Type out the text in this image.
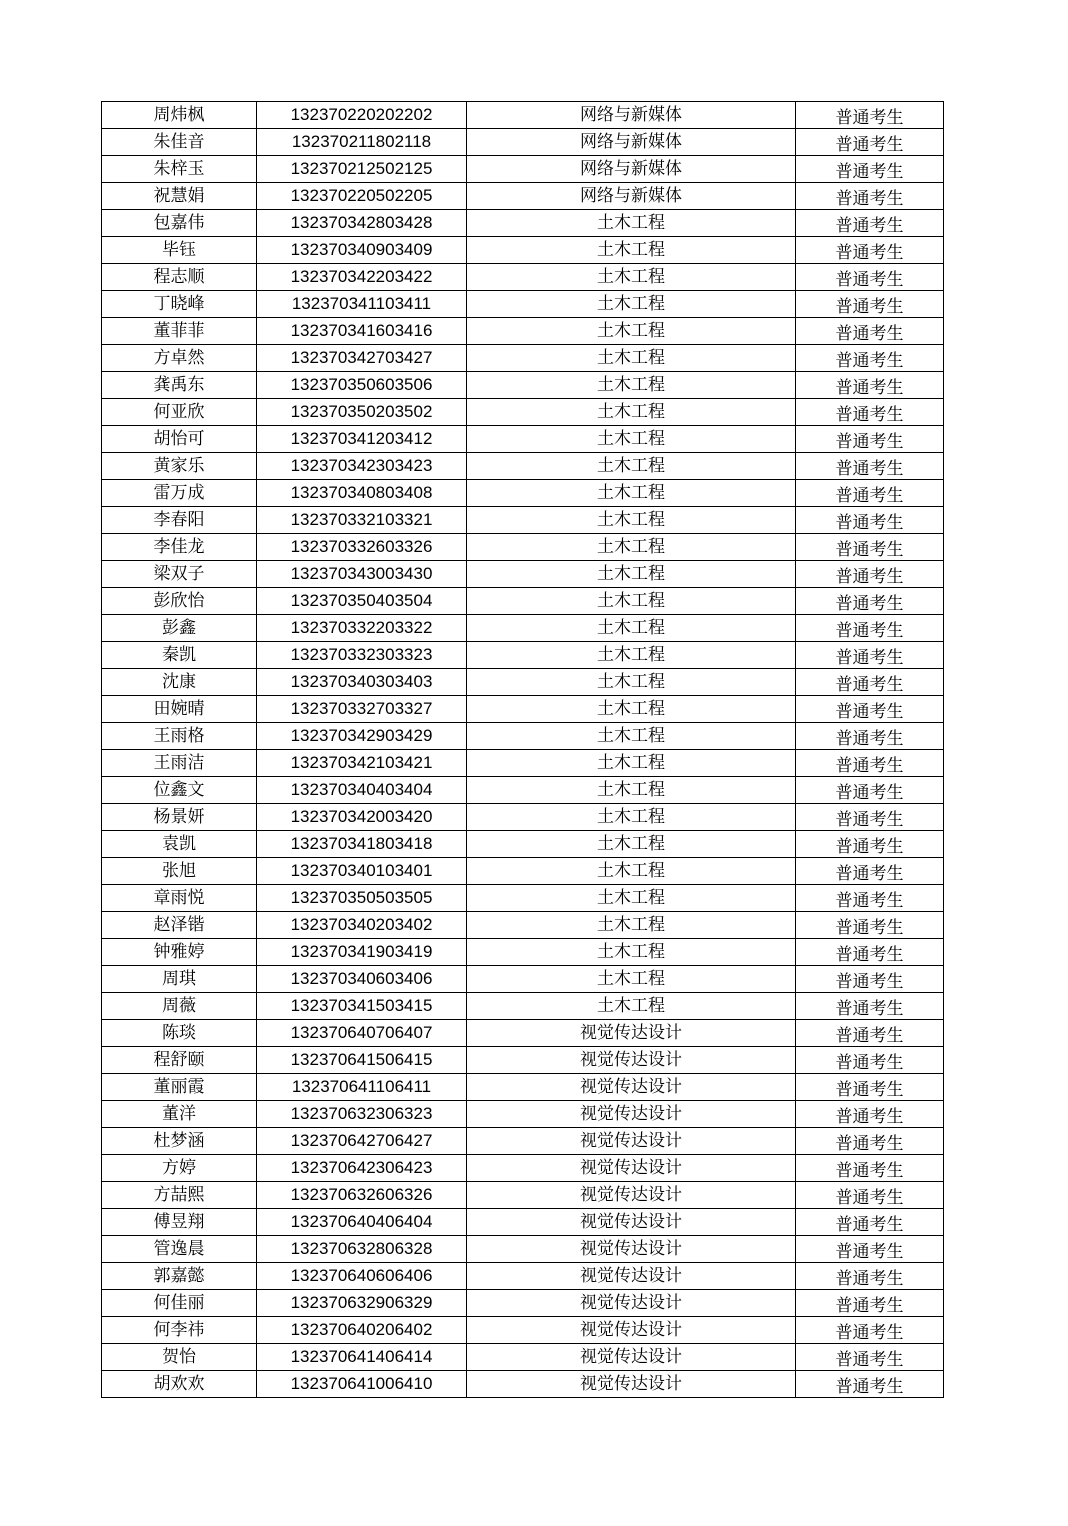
周炜枫	132370220202202	网络与新媒体	普通考生
朱佳音	132370211802118	网络与新媒体	普通考生
朱梓玉	132370212502125	网络与新媒体	普通考生
祝慧娟	132370220502205	网络与新媒体	普通考生
包嘉伟	132370342803428	土木工程	普通考生
毕钰	132370340903409	土木工程	普通考生
程志顺	132370342203422	土木工程	普通考生
丁晓峰	132370341103411	土木工程	普通考生
董菲菲	132370341603416	土木工程	普通考生
方卓然	132370342703427	土木工程	普通考生
龚禹东	132370350603506	土木工程	普通考生
何亚欣	132370350203502	土木工程	普通考生
胡怡可	132370341203412	土木工程	普通考生
黄家乐	132370342303423	土木工程	普通考生
雷万成	132370340803408	土木工程	普通考生
李春阳	132370332103321	土木工程	普通考生
李佳龙	132370332603326	土木工程	普通考生
梁双子	132370343003430	土木工程	普通考生
彭欣怡	132370350403504	土木工程	普通考生
彭鑫	132370332203322	土木工程	普通考生
秦凯	132370332303323	土木工程	普通考生
沈康	132370340303403	土木工程	普通考生
田婉晴	132370332703327	土木工程	普通考生
王雨格	132370342903429	土木工程	普通考生
王雨洁	132370342103421	土木工程	普通考生
位鑫文	132370340403404	土木工程	普通考生
杨景妍	132370342003420	土木工程	普通考生
袁凯	132370341803418	土木工程	普通考生
张旭	132370340103401	土木工程	普通考生
章雨悦	132370350503505	土木工程	普通考生
赵泽锴	132370340203402	土木工程	普通考生
钟雅婷	132370341903419	土木工程	普通考生
周琪	132370340603406	土木工程	普通考生
周薇	132370341503415	土木工程	普通考生
陈琰	132370640706407	视觉传达设计	普通考生
程舒颐	132370641506415	视觉传达设计	普通考生
董丽霞	132370641106411	视觉传达设计	普通考生
董洋	132370632306323	视觉传达设计	普通考生
杜梦涵	132370642706427	视觉传达设计	普通考生
方婷	132370642306423	视觉传达设计	普通考生
方喆熙	132370632606326	视觉传达设计	普通考生
傅昱翔	132370640406404	视觉传达设计	普通考生
管逸晨	132370632806328	视觉传达设计	普通考生
郭嘉懿	132370640606406	视觉传达设计	普通考生
何佳丽	132370632906329	视觉传达设计	普通考生
何李祎	132370640206402	视觉传达设计	普通考生
贺怡	132370641406414	视觉传达设计	普通考生
胡欢欢	132370641006410	视觉传达设计	普通考生
